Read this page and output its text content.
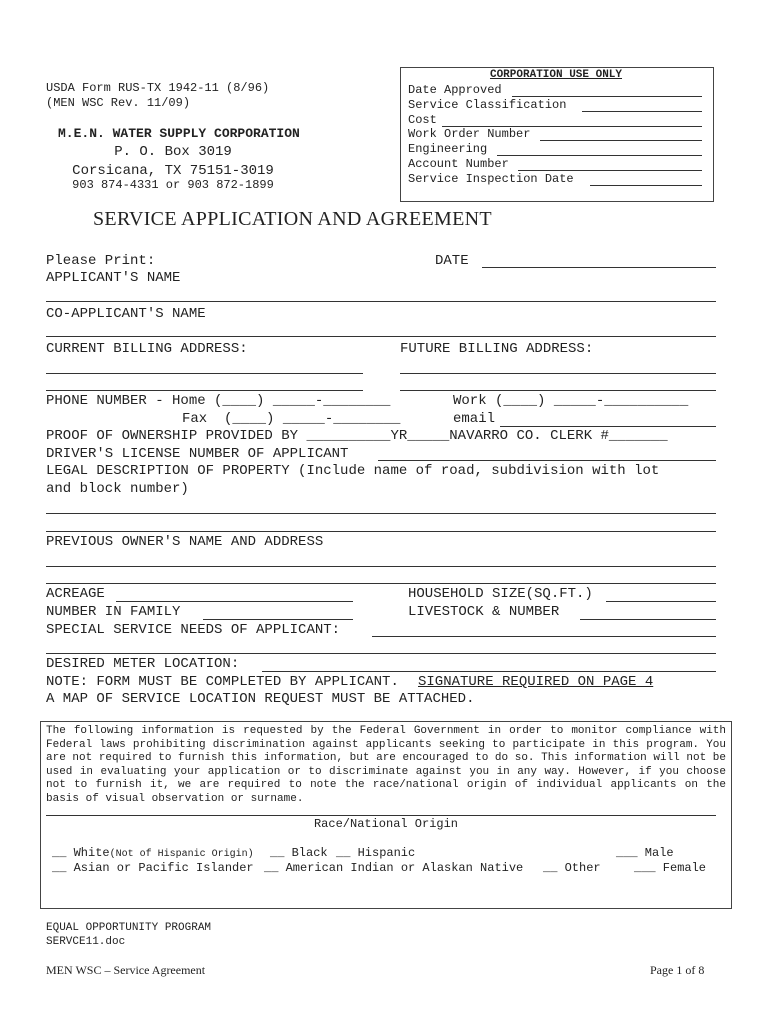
USDA Form RUS-TX 1942-11 (8/96)
(MEN WSC Rev. 11/09)
M.E.N. WATER SUPPLY CORPORATION
P. O. Box 3019
Corsicana, TX 75151-3019
903 874-4331 or 903 872-1899
CORPORATION USE ONLY
Date Approved
Service Classification
Cost
Work Order Number
Engineering
Account Number
Service Inspection Date
SERVICE APPLICATION AND AGREEMENT
Please Print:	DATE
APPLICANT'S NAME
CO-APPLICANT'S NAME
CURRENT BILLING ADDRESS:	FUTURE BILLING ADDRESS:
PHONE NUMBER - Home (____) _____-________	Work (____) _____-__________
Fax  (____) _____-________	email
PROOF OF OWNERSHIP PROVIDED BY __________YR_____NAVARRO CO. CLERK #_______
DRIVER'S LICENSE NUMBER OF APPLICANT
LEGAL DESCRIPTION OF PROPERTY (Include name of road, subdivision with lot
and block number)
PREVIOUS OWNER'S NAME AND ADDRESS
ACREAGE	HOUSEHOLD SIZE(SQ.FT.)
NUMBER IN FAMILY	LIVESTOCK & NUMBER
SPECIAL SERVICE NEEDS OF APPLICANT:
DESIRED METER LOCATION:
NOTE: FORM MUST BE COMPLETED BY APPLICANT. SIGNATURE REQUIRED ON PAGE 4
A MAP OF SERVICE LOCATION REQUEST MUST BE ATTACHED.
The following information is requested by the Federal Government in order to monitor compliance with Federal laws prohibiting discrimination against applicants seeking to participate in this program. You are not required to furnish this information, but are encouraged to do so. This information will not be used in evaluating your application or to discriminate against you in any way. However, if you choose not to furnish it, we are required to note the race/national origin of individual applicants on the basis of visual observation or surname.
Race/National Origin
__ White(Not of Hispanic Origin) __ Black __ Hispanic	___ Male
__ Asian or Pacific Islander __ American Indian or Alaskan Native __ Other	___ Female
EQUAL OPPORTUNITY PROGRAM
SERVCE11.doc
MEN WSC – Service Agreement	Page 1 of 8
